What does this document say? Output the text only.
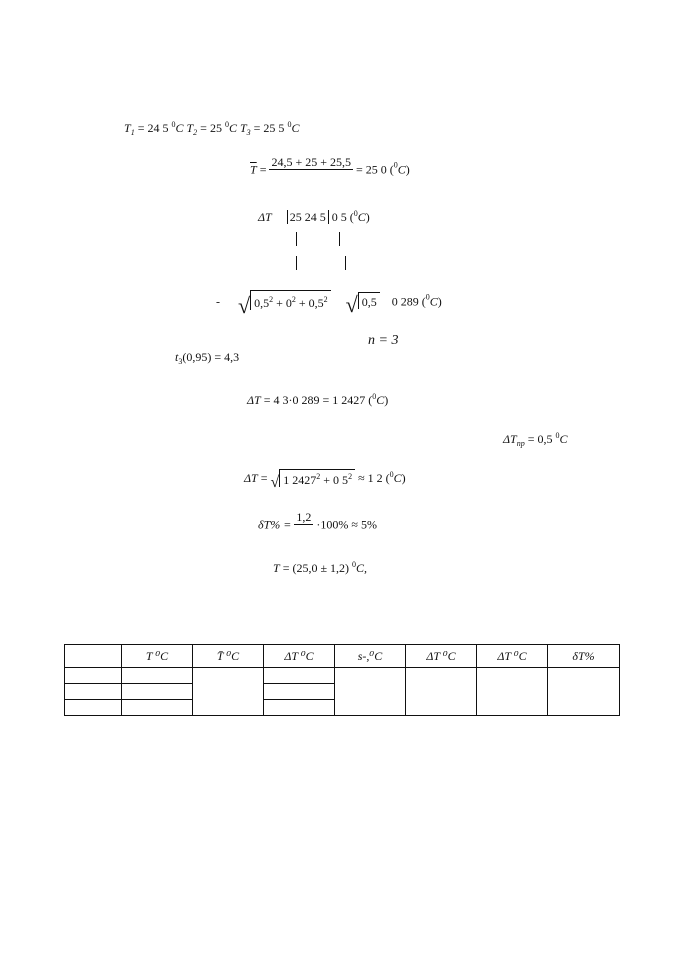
$T_1 = 24$ 5 $^0$C $T_2 = 25$ $^0$C $T_3 = 25$ 5 $^0$C
$\overline{T}$ =
24,5 + 25 + 25,5

= 25 0 ($^0$C)
ΔT 25 24 5 0 5 ($^0$C)
- √ $0,5^2 + 0^2 + 0,5^2$ √ 0,5 0 289 ($^0$C)
n = 3
$t_3(0,95) = 4,3$
ΔT = 4 3·0 289 = 1 2427 ($^0$C)
$\Delta T_{пр} = 0,5$ $^0$C
ΔT = √ 1 $2427^2 + 0$ $5^2 \approx 1$ 2 ($^0$C)
δT% =
1,2

·100% ≈ 5%
T = (25,0 ± 1,2) $^0$C,
	T ⁰C	T̄ ⁰C	ΔT ⁰C	s-,⁰C	ΔT ⁰C	ΔT ⁰C	δT%
